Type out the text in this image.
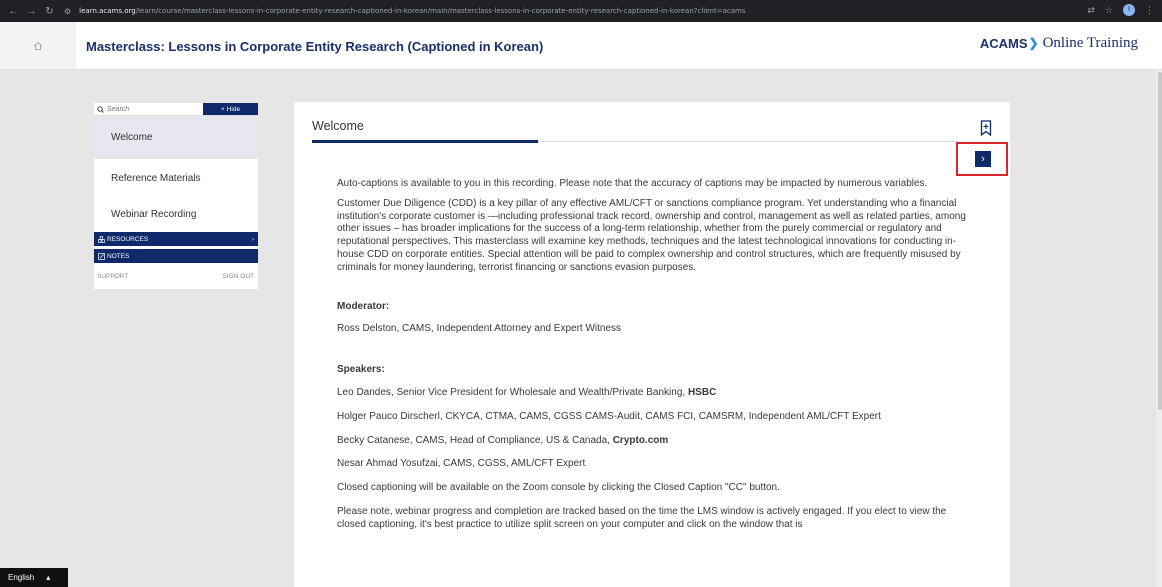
← → ↻	⚙ learn.acams.org /learn/course/masterclass-lessons-in-corporate-entity-research-captioned-in-korean/main/masterclass-lessons-in-corporate-entity-research-captioned-in-korean?client=acams	⇄ ☆	I	⋮
Masterclass: Lessons in Corporate Entity Research (Captioned in Korean)	ACAMS ❯ Online Training
Search	× Hide
Welcome
Reference Materials
Webinar Recording
RESOURCES	›
NOTES
SUPPORT	SIGN OUT
Welcome
›

Auto-captions is available to you in this recording. Please note that the accuracy of captions may be impacted by numerous variables.

Customer Due Diligence (CDD) is a key pillar of any effective AML/CFT or sanctions compliance program. Yet understanding who a financial institution's corporate customer is —including professional track record, ownership and control, management as well as related parties, among other issues – has broader implications for the success of a long-term relationship, whether from the purely commercial or regulatory and reputational perspectives. This masterclass will examine key methods, techniques and the latest technological innovations for conducting in-house CDD on corporate entities. Special attention will be paid to complex ownership and control structures, which are frequently misused by criminals for money laundering, terrorist financing or sanctions evasion purposes.

Moderator:

Ross Delston, CAMS, Independent Attorney and Expert Witness

Speakers:

Leo Dandes, Senior Vice President for Wholesale and Wealth/Private Banking, HSBC

Holger Pauco Dirscherl, CKYCA, CTMA, CAMS, CGSS CAMS-Audit, CAMS FCI, CAMSRM, Independent AML/CFT Expert

Becky Catanese, CAMS, Head of Compliance, US & Canada, Crypto.com

Nesar Ahmad Yosufzai, CAMS, CGSS, AML/CFT Expert

Closed captioning will be available on the Zoom console by clicking the Closed Caption "CC" button.

Please note, webinar progress and completion are tracked based on the time the LMS window is actively engaged. If you elect to view the closed captioning, it's best practice to utilize split screen on your computer and click on the window that is

English ▴
